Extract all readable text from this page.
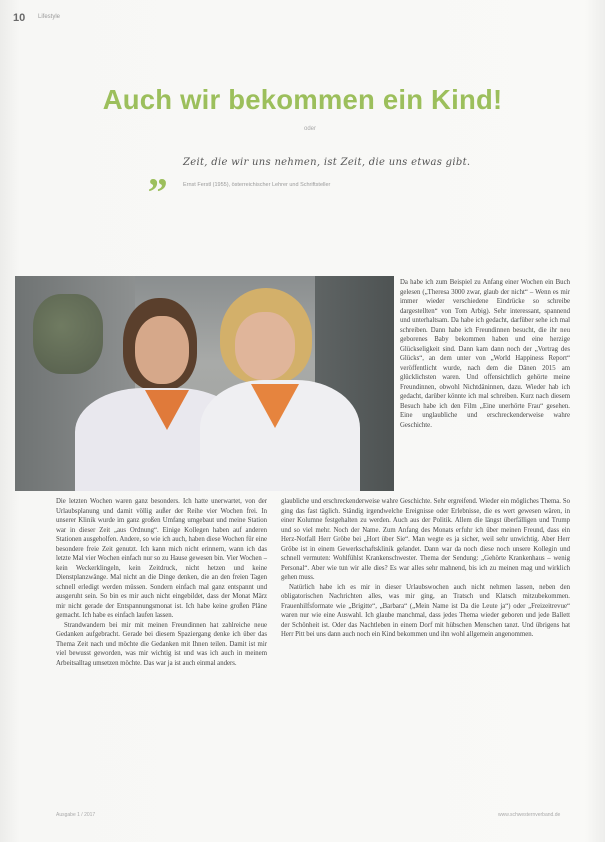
10 Lifestyle
Auch wir bekommen ein Kind!
oder
„ Zeit, die wir uns nehmen, ist Zeit, die uns etwas gibt.
Ernst Ferstl (1955), österreichischer Lehrer und Schriftsteller

Da habe ich zum Beispiel zu Anfang einer Wochen ein Buch gelesen („Theresa 3000 zwar, glaub der nicht“ – Wenn es mir immer wieder verschiedene Eindrücke so schreibe dargestellten“ von Tom Arbig). Sehr interessant, spannend und unterhaltsam. Da habe ich gedacht, darfüber sehe ich mal schreiben. Dann habe ich Freundinnen besucht, die ihr neu geborenes Baby bekommen haben und eine herzige Glückseligkeit sind. Dann kam dann noch der „Vortrag des Glücks“, an dem unter von „World Happiness Report“ veröffentlicht wurde, nach dem die Dänen 2015 am glücklichsten waren. Und offensichtlich gehörte meine Freundinnen, obwohl Nichtdäninnen, dazu. Wieder hab ich gedacht, darüber könnte ich mal schreiben. Kurz nach diesem Besuch habe ich den Film „Eine unerhörte Frau“ gesehen. Eine unglaubliche und erschreckenderweise wahre Geschichte.

Die letzten Wochen waren ganz besonders. Ich hatte unerwartet, von der Urlaubsplanung und damit völlig außer der Reihe vier Wochen frei. In unserer Klinik wurde im ganz großen Umfang umgebaut und meine Station war in dieser Zeit „aus Ordnung“. Einige Kollegen haben auf anderen Stationen ausgeholfen. Andere, so wie ich auch, haben diese Wochen für eine besondere freie Zeit genutzt. Ich kann mich nicht erinnern, wann ich das letzte Mal vier Wochen einfach nur so zu Hause gewesen bin. Vier Wochen – kein Weckerklingeln, kein Zeitdruck, nicht hetzen und keine Dienstplanzwänge. Mal nicht an die Dinge denken, die an den freien Tagen schnell erledigt werden müssen. Sondern einfach mal ganz entspannt und ausgeruht sein. So bin es mir auch nicht eingebildet, dass der Monat März mir nicht gerade der Entspannungsmonat ist. Ich habe keine großen Pläne gemacht. Ich habe es einfach laufen lassen.

Strandwandern bei mir mit meinen Freundinnen hat zahlreiche neue Gedanken aufgebracht. Gerade bei diesem Spaziergang denke ich über das Thema Zeit nach und möchte die Gedanken mit Ihnen teilen. Damit ist mir viel bewusst geworden, was mir wichtig ist und was ich auch in meinem Arbeitsalltag umsetzen möchte. Das war ja ist auch einmal anders.

glaubliche und erschreckenderweise wahre Geschichte. Sehr ergreifend. Wieder ein mögliches Thema. So ging das fast täglich. Ständig irgendwelche Ereignisse oder Erlebnisse, die es wert gewesen wären, in einer Kolumne festgehalten zu werden. Auch aus der Politik. Allem die längst überfälligen und Trump und so viel mehr. Noch der Name. Zum Anfang des Monats erfuhr ich über meinen Freund, dass ein Herz-Notfall Herr Gröbe bei „Hort über Sie“. Man wegte es ja sicher, weil sehr unwichtig. Aber Herr Gröbe ist in einem Gewerkschaftsklinik gelandet. Dann war da noch diese noch unsere Kollegin und schnell vermuten: Wohlfühlst Krankenschwester. Thema der Sendung: „Gehörte Krankenhaus – wenig Personal“. Aber wie tun wir alle dies? Es war alles sehr mahnend, bis ich zu meinen mag und wirklich gehen muss.

Natürlich habe ich es mir in dieser Urlaubswochen auch nicht nehmen lassen, neben den obligatorischen Nachrichten alles, was mir ging, an Tratsch und Klatsch mitzubekommen. Frauenhilfsformate wie „Brigitte“, „Barbara“ („Mein Name ist Da die Leute ja“) oder „Freizeitrevue“ waren nur wie eine Auswahl. Ich glaube manchmal, dass jedes Thema wieder geboren und jede Ballett der Schönheit ist. Oder das Nachtleben in einem Dorf mit hübschen Menschen tanzt. Und übrigens hat Herr Pitt bei uns dann auch noch ein Kind bekommen und ihn wohl allgemein angenommen.

Ausgabe 1 / 2017	www.schwesternverband.de
